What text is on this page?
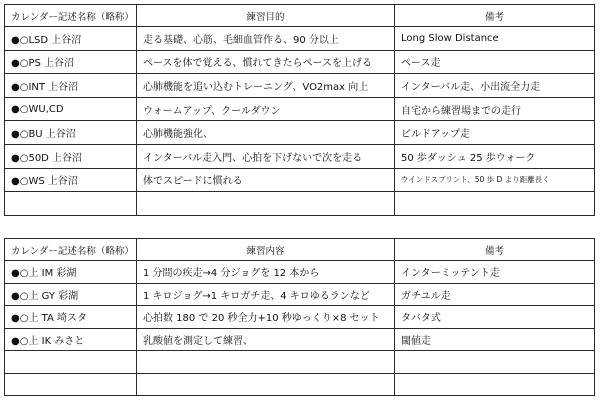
カレンダー記述名称（略称）	練習目的	備考
●○LSD 上谷沼	走る基礎、心筋、毛細血管作る、90 分以上	Long Slow Distance
●○PS 上谷沼	ペースを体で覚える、慣れてきたらペースを上げる	ペース走
●○INT 上谷沼	心肺機能を追い込むトレーニング、VO2max 向上	インターバル走、小出流全力走
●○WU,CD	ウォームアップ、クールダウン	自宅から練習場までの走行
●○BU 上谷沼	心肺機能強化、	ビルドアップ走
●○50D 上谷沼	インターバル走入門、心拍を下げないで次を走る	50 歩ダッシュ 25 歩ウォーク
●○WS 上谷沼	体でスピードに慣れる	ウインドスプリント、50 歩 D より距離長く

カレンダー記述名称（略称）	練習内容	備考
●○上 IM 彩湖	1 分間の疾走→4 分ジョグを 12 本から	インターミッテント走
●○上 GY 彩湖	1 キロジョグ→1 キロガチ走、4 キロゆるランなど	ガチユル走
●○上 TA 埼スタ	心拍数 180 で 20 秒全力+10 秒ゆっくり×8 セット	タバタ式
●○上 IK みさと	乳酸値を測定して練習、	閾値走
